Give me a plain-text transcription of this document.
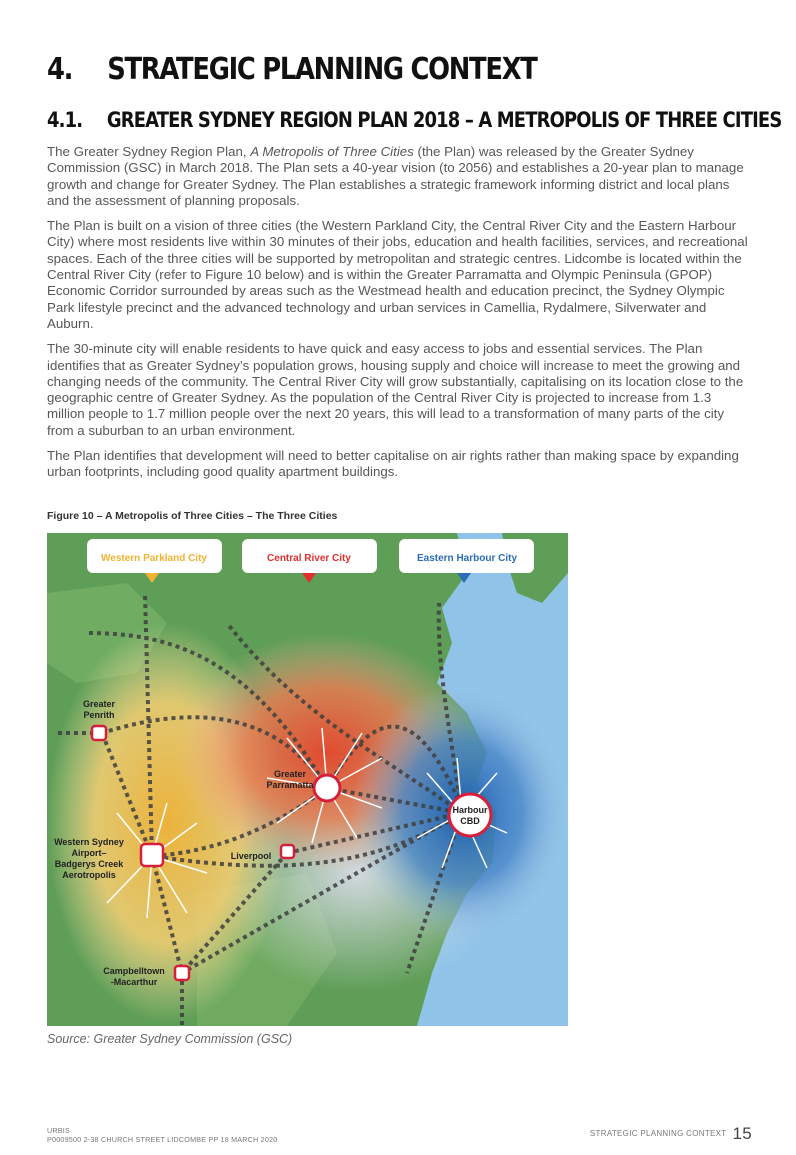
4. STRATEGIC PLANNING CONTEXT
4.1. GREATER SYDNEY REGION PLAN 2018 – A METROPOLIS OF THREE CITIES

The Greater Sydney Region Plan, A Metropolis of Three Cities (the Plan) was released by the Greater Sydney Commission (GSC) in March 2018. The Plan sets a 40-year vision (to 2056) and establishes a 20-year plan to manage growth and change for Greater Sydney. The Plan establishes a strategic framework informing district and local plans and the assessment of planning proposals.

The Plan is built on a vision of three cities (the Western Parkland City, the Central River City and the Eastern Harbour City) where most residents live within 30 minutes of their jobs, education and health facilities, services, and recreational spaces. Each of the three cities will be supported by metropolitan and strategic centres. Lidcombe is located within the Central River City (refer to Figure 10 below) and is within the Greater Parramatta and Olympic Peninsula (GPOP) Economic Corridor surrounded by areas such as the Westmead health and education precinct, the Sydney Olympic Park lifestyle precinct and the advanced technology and urban services in Camellia, Rydalmere, Silverwater and Auburn.

The 30-minute city will enable residents to have quick and easy access to jobs and essential services. The Plan identifies that as Greater Sydney’s population grows, housing supply and choice will increase to meet the growing and changing needs of the community. The Central River City will grow substantially, capitalising on its location close to the geographic centre of Greater Sydney. As the population of the Central River City is projected to increase from 1.3 million people to 1.7 million people over the next 20 years, this will lead to a transformation of many parts of the city from a suburban to an urban environment.

The Plan identifies that development will need to better capitalise on air rights rather than making space by expanding urban footprints, including good quality apartment buildings.

Figure 10 – A Metropolis of Three Cities – The Three Cities

Western Parkland City	Central River City	Eastern Harbour City
Greater
Penrith
Greater
Parramatta
Harbour
CBD
Western Sydney
Airport–
Badgerys Creek
Aerotropolis
Liverpool
Campbelltown
-Macarthur

Source: Greater Sydney Commission (GSC)

URBIS
P0009500 2-38 CHURCH STREET LIDCOMBE PP 18 MARCH 2020
STRATEGIC PLANNING CONTEXT 15
